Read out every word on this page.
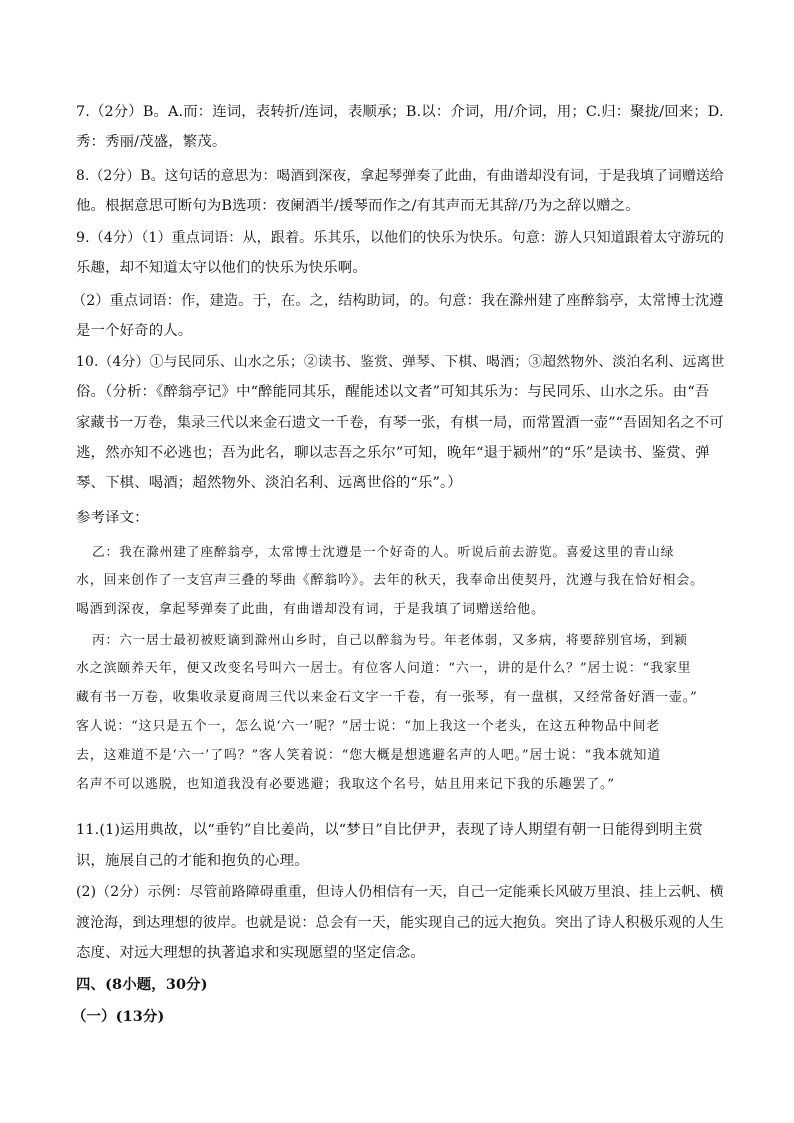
7.（2分）B。A.而：连词，表转折/连词，表顺承；B.以：介词，用/介词，用；C.归：聚拢/回来；D.
秀：秀丽/茂盛，繁茂。
8.（2分）B。这句话的意思为：喝酒到深夜，拿起琴弹奏了此曲，有曲谱却没有词，于是我填了词赠送给
他。根据意思可断句为B选项：夜阑酒半/援琴而作之/有其声而无其辞/乃为之辞以赠之。
9.（4分）（1）重点词语：从，跟着。乐其乐，以他们的快乐为快乐。句意：游人只知道跟着太守游玩的
乐趣，却不知道太守以他们的快乐为快乐啊。
（2）重点词语：作，建造。于，在。之，结构助词，的。句意：我在滁州建了座醉翁亭，太常博士沈遵
是一个好奇的人。
10.（4分）①与民同乐、山水之乐；②读书、鉴赏、弹琴、下棋、喝酒；③超然物外、淡泊名利、远离世
俗。（分析：《醉翁亭记》中“醉能同其乐，醒能述以文者”可知其乐为：与民同乐、山水之乐。由“吾
家藏书一万卷，集录三代以来金石遗文一千卷，有琴一张，有棋一局，而常置酒一壶”“吾固知名之不可
逃，然亦知不必逃也；吾为此名，聊以志吾之乐尔”可知，晚年“退于颍州”的“乐”是读书、鉴赏、弹
琴、下棋、喝酒；超然物外、淡泊名利、远离世俗的“乐”。）
参考译文：
乙：我在滁州建了座醉翁亭，太常博士沈遵是一个好奇的人。听说后前去游览。喜爱这里的青山绿
水，回来创作了一支宫声三叠的琴曲《醉翁吟》。去年的秋天，我奉命出使契丹，沈遵与我在恰好相会。
喝酒到深夜，拿起琴弹奏了此曲，有曲谱却没有词，于是我填了词赠送给他。
丙：六一居士最初被贬谪到滁州山乡时，自己以醉翁为号。年老体弱，又多病，将要辞别官场，到颍
水之滨颐养天年，便又改变名号叫六一居士。有位客人问道：“六一，讲的是什么？”居士说：“我家里
藏有书一万卷，收集收录夏商周三代以来金石文字一千卷，有一张琴，有一盘棋，又经常备好酒一壶。”
客人说：“这只是五个一，怎么说‘六一’呢？”居士说：“加上我这一个老头，在这五种物品中间老
去，这难道不是‘六一’了吗？”客人笑着说：“您大概是想逃避名声的人吧。”居士说：“我本就知道
名声不可以逃脱，也知道我没有必要逃避；我取这个名号，姑且用来记下我的乐趣罢了。”
11.(1)运用典故，以“垂钓”自比姜尚，以“梦日”自比伊尹，表现了诗人期望有朝一日能得到明主赏
识，施展自己的才能和抱负的心理。
(2)（2分）示例：尽管前路障碍重重，但诗人仍相信有一天，自己一定能乘长风破万里浪、挂上云帆、横
渡沧海，到达理想的彼岸。也就是说：总会有一天，能实现自己的远大抱负。突出了诗人积极乐观的人生
态度、对远大理想的执著追求和实现愿望的坚定信念。
四、(8小题，30分)
（一）(13分)
